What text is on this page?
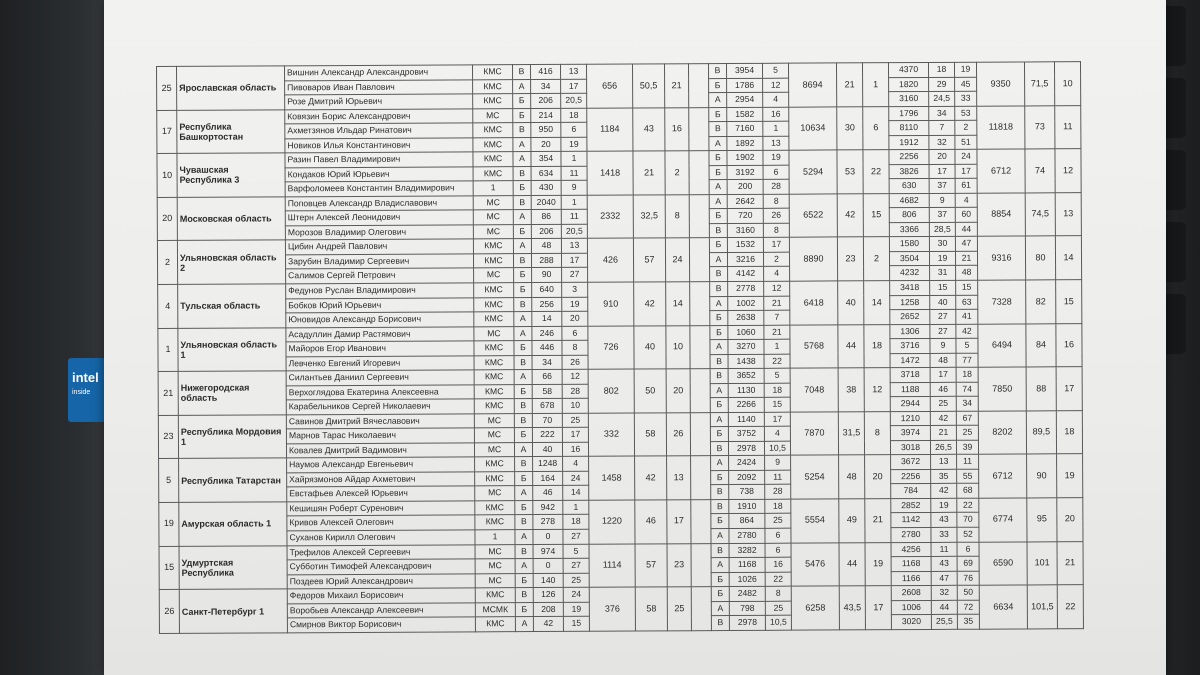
intel
inside
25	Ярославская область	Вишнин Александр Александрович	КМС	В	416	13	656	50,5	21		В	3954	5	8694	21	1	4370	18	19	9350	71,5	10
		Пивоваров Иван Павлович	КМС	А	34	17					Б	1786	12				1820	29	45			
		Розе Дмитрий Юрьевич	КМС	Б	206	20,5					А	2954	4				3160	24,5	33			
17	Республика Башкортостан	Ковязин Борис Александрович	МС	Б	214	18	1184	43	16		Б	1582	16	10634	30	6	1796	34	53	11818	73	11
		Ахметзянов Ильдар Ринатович	КМС	В	950	6					В	7160	1				8110	7	2			
		Новиков Илья Константинович	КМС	А	20	19					А	1892	13				1912	32	51			
10	Чувашская Республика 3	Разин Павел Владимирович	КМС	А	354	1	1418	21	2		Б	1902	19	5294	53	22	2256	20	24	6712	74	12
		Кондаков Юрий Юрьевич	КМС	В	634	11					Б	3192	6				3826	17	17			
		Варфоломеев Константин Владимирович	1	Б	430	9					А	200	28				630	37	61			
20	Московская область	Поповцев Александр Владиславович	МС	В	2040	1	2332	32,5	8		А	2642	8	6522	42	15	4682	9	4	8854	74,5	13
		Штерн Алексей Леонидович	МС	А	86	11					Б	720	26				806	37	60			
		Морозов Владимир Олегович	МС	Б	206	20,5					В	3160	8				3366	28,5	44			
2	Ульяновская область 2	Цибин Андрей Павлович	КМС	А	48	13	426	57	24		Б	1532	17	8890	23	2	1580	30	47	9316	80	14
		Зарубин Владимир Сергеевич	КМС	В	288	17					А	3216	2				3504	19	21			
		Салимов Сергей Петрович	МС	Б	90	27					В	4142	4				4232	31	48			
4	Тульская область	Федунов Руслан Владимирович	КМС	Б	640	3	910	42	14		В	2778	12	6418	40	14	3418	15	15	7328	82	15
		Бобков Юрий Юрьевич	КМС	В	256	19					А	1002	21				1258	40	63			
		Юновидов Александр Борисович	КМС	А	14	20					Б	2638	7				2652	27	41			
1	Ульяновская область 1	Асадуллин Дамир Растямович	МС	А	246	6	726	40	10		Б	1060	21	5768	44	18	1306	27	42	6494	84	16
		Майоров Егор Иванович	КМС	Б	446	8					А	3270	1				3716	9	5			
		Левченко Евгений Игоревич	КМС	В	34	26					В	1438	22				1472	48	77			
21	Нижегородская область	Силантьев Даниил Сергеевич	КМС	А	66	12	802	50	20		В	3652	5	7048	38	12	3718	17	18	7850	88	17
		Верхоглядова Екатерина Алексеевна	КМС	Б	58	28					А	1130	18				1188	46	74			
		Карабельников Сергей Николаевич	КМС	В	678	10					Б	2266	15				2944	25	34			
23	Республика Мордовия 1	Савинов Дмитрий Вячеславович	МС	В	70	25	332	58	26		А	1140	17	7870	31,5	8	1210	42	67	8202	89,5	18
		Марнов Тарас Николаевич	МС	Б	222	17					Б	3752	4				3974	21	25			
		Ковалев Дмитрий Вадимович	МС	А	40	16					В	2978	10,5				3018	26,5	39			
5	Республика Татарстан	Наумов Александр Евгеньевич	КМС	В	1248	4	1458	42	13		А	2424	9	5254	48	20	3672	13	11	6712	90	19
		Хайрязмонов Айдар Ахметович	КМС	Б	164	24					Б	2092	11				2256	35	55			
		Евстафьев Алексей Юрьевич	МС	А	46	14					В	738	28				784	42	68			
19	Амурская область 1	Кешишян Роберт Суренович	КМС	Б	942	1	1220	46	17		В	1910	18	5554	49	21	2852	19	22	6774	95	20
		Кривов Алексей Олегович	КМС	В	278	18					Б	864	25				1142	43	70			
		Суханов Кирилл Олегович	1	А	0	27					А	2780	6				2780	33	52			
15	Удмуртская Республика	Трефилов Алексей Сергеевич	МС	В	974	5	1114	57	23		В	3282	6	5476	44	19	4256	11	6	6590	101	21
		Субботин Тимофей Александрович	МС	А	0	27					А	1168	16				1168	43	69			
		Поздеев Юрий Александрович	МС	Б	140	25					Б	1026	22				1166	47	76			
26	Санкт-Петербург 1	Федоров Михаил Борисович	КМС	В	126	24	376	58	25		Б	2482	8	6258	43,5	17	2608	32	50	6634	101,5	22
		Воробьев Александр Алексеевич	МСМК	Б	208	19					А	798	25				1006	44	72			
		Смирнов Виктор Борисович	КМС	А	42	15					В	2978	10,5				3020	25,5	35			
